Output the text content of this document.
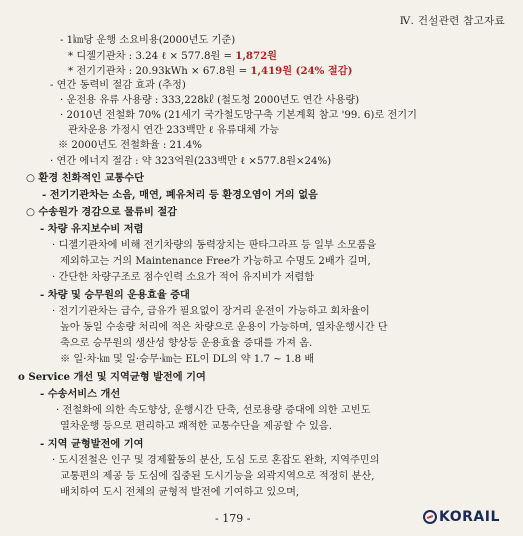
Ⅳ. 건설관련 참고자료
- 1㎞당 운행 소요비용(2000년도 기준)
* 디젤기관차 : 3.24 ℓ × 577.8원 = 1,872원
* 전기기관차 : 20.93kWh × 67.8원 = 1,419원 (24% 절감)
- 연간 동력비 절감 효과 (추정)
· 운전용 유류 사용량 : 333,228㎘ (철도청 2000년도 연간 사용량)
· 2010년 전철화 70% (21세기 국가철도망구축 기본계획 참고 '99. 6)로 전기기
관차운용 가정시 연간 233백만 ℓ 유류대체 가능
※ 2000년도 전철화율 : 21.4%
· 연간 에너지 절감 : 약 323억원(233백만 ℓ ×577.8원×24%)
○ 환경 친화적인 교통수단
- 전기기관차는 소음, 매연, 폐유처리 등 환경오염이 거의 없음
○ 수송원가 경감으로 물류비 절감
- 차량 유지보수비 저렴
· 디젤기관차에 비해 전기차량의 동력장치는 판타그라프 등 일부 소모품을
제외하고는 거의 Maintenance Free가 가능하고 수명도 2배가 길며,
· 간단한 차량구조로 점수인력 소요가 적어 유지비가 저렴함
- 차량 및 승무원의 운용효율 증대
· 전기기관차는 급수, 급유가 필요없이 장거리 운전이 가능하고 회차율이
높아 동일 수송량 처리에 적은 차량으로 운용이 가능하며, 열차운행시간 단
축으로 승무원의 생산성 향상등 운용효율 증대를 가져 옴.
※ 일·차·㎞ 및 일·승무·㎞는 EL이 DL의 약 1.7 ~ 1.8 배
o Service 개선 및 지역균형 발전에 기여
- 수송서비스 개선
· 전철화에 의한 속도향상, 운행시간 단축, 선로용량 증대에 의한 고빈도
열차운행 등으로 편리하고 쾌적한 교통수단을 제공할 수 있음.
- 지역 균형발전에 기여
· 도시전철은 인구 및 경제활동의 분산, 도심 도로 혼잡도 완화, 지역주민의
교통편의 제공 등 도심에 집중된 도시기능을 외곽지역으로 적정히 분산,
배치하여 도시 전체의 균형적 발전에 기여하고 있으며,
- 179 -	KORAIL
